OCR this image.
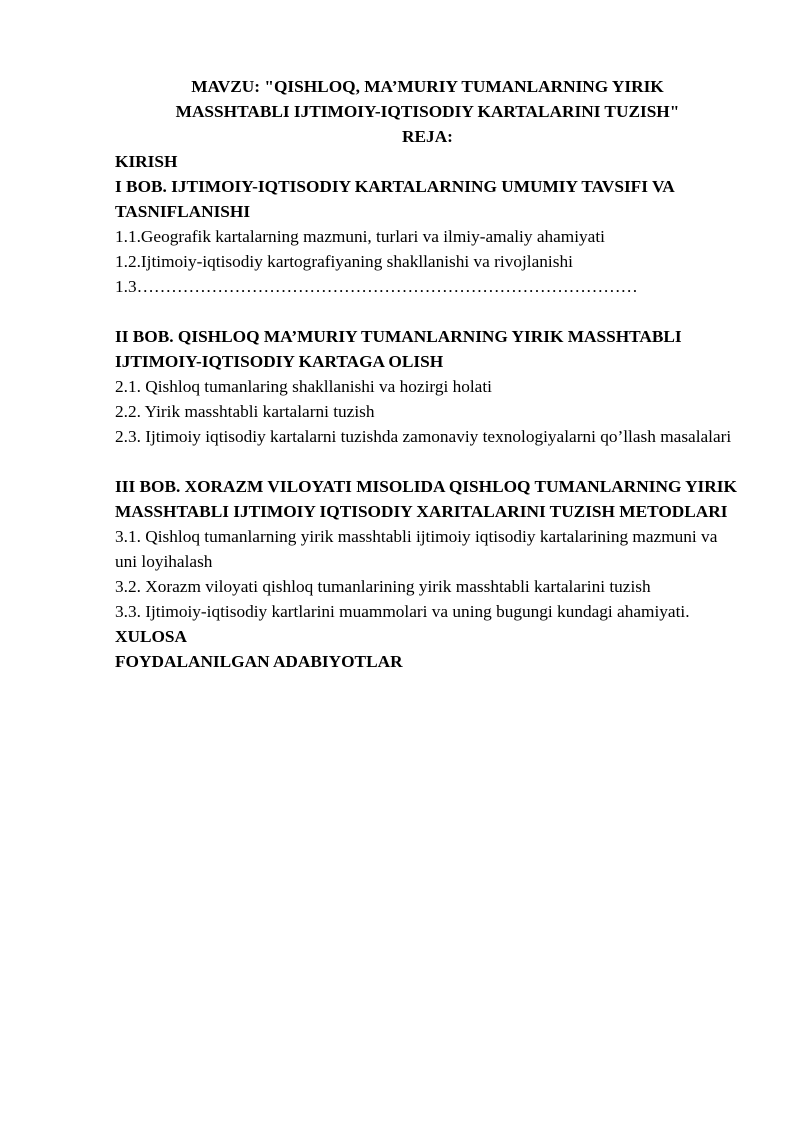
MAVZU: "QISHLOQ, MA’MURIY TUMANLARNING YIRIK

MASSHTABLI IJTIMOIY-IQTISODIY KARTALARINI TUZISH"

REJA:

KIRISH

I BOB. IJTIMOIY-IQTISODIY KARTALARNING UMUMIY TAVSIFI VA TASNIFLANISHI

1.1.Geografik kartalarning mazmuni, turlari va ilmiy-amaliy ahamiyati

1.2.Ijtimoiy-iqtisodiy kartografiyaning shakllanishi va rivojlanishi

1.3……………………………………………………………………………

II BOB. QISHLOQ MA’MURIY TUMANLARNING YIRIK MASSHTABLI IJTIMOIY-IQTISODIY KARTAGA OLISH

2.1. Qishloq tumanlaring shakllanishi va hozirgi holati

2.2. Yirik masshtabli kartalarni tuzish

2.3. Ijtimoiy iqtisodiy kartalarni tuzishda zamonaviy texnologiyalarni qo’llash masalalari

III BOB. XORAZM VILOYATI MISOLIDA QISHLOQ TUMANLARNING YIRIK MASSHTABLI IJTIMOIY IQTISODIY XARITALARINI TUZISH METODLARI

3.1. Qishloq tumanlarning yirik masshtabli ijtimoiy iqtisodiy kartalarining mazmuni va uni loyihalash

3.2. Xorazm viloyati qishloq tumanlarining yirik masshtabli kartalarini tuzish

3.3. Ijtimoiy-iqtisodiy kartlarini muammolari va uning bugungi kundagi ahamiyati.

XULOSA

FOYDALANILGAN ADABIYOTLAR
